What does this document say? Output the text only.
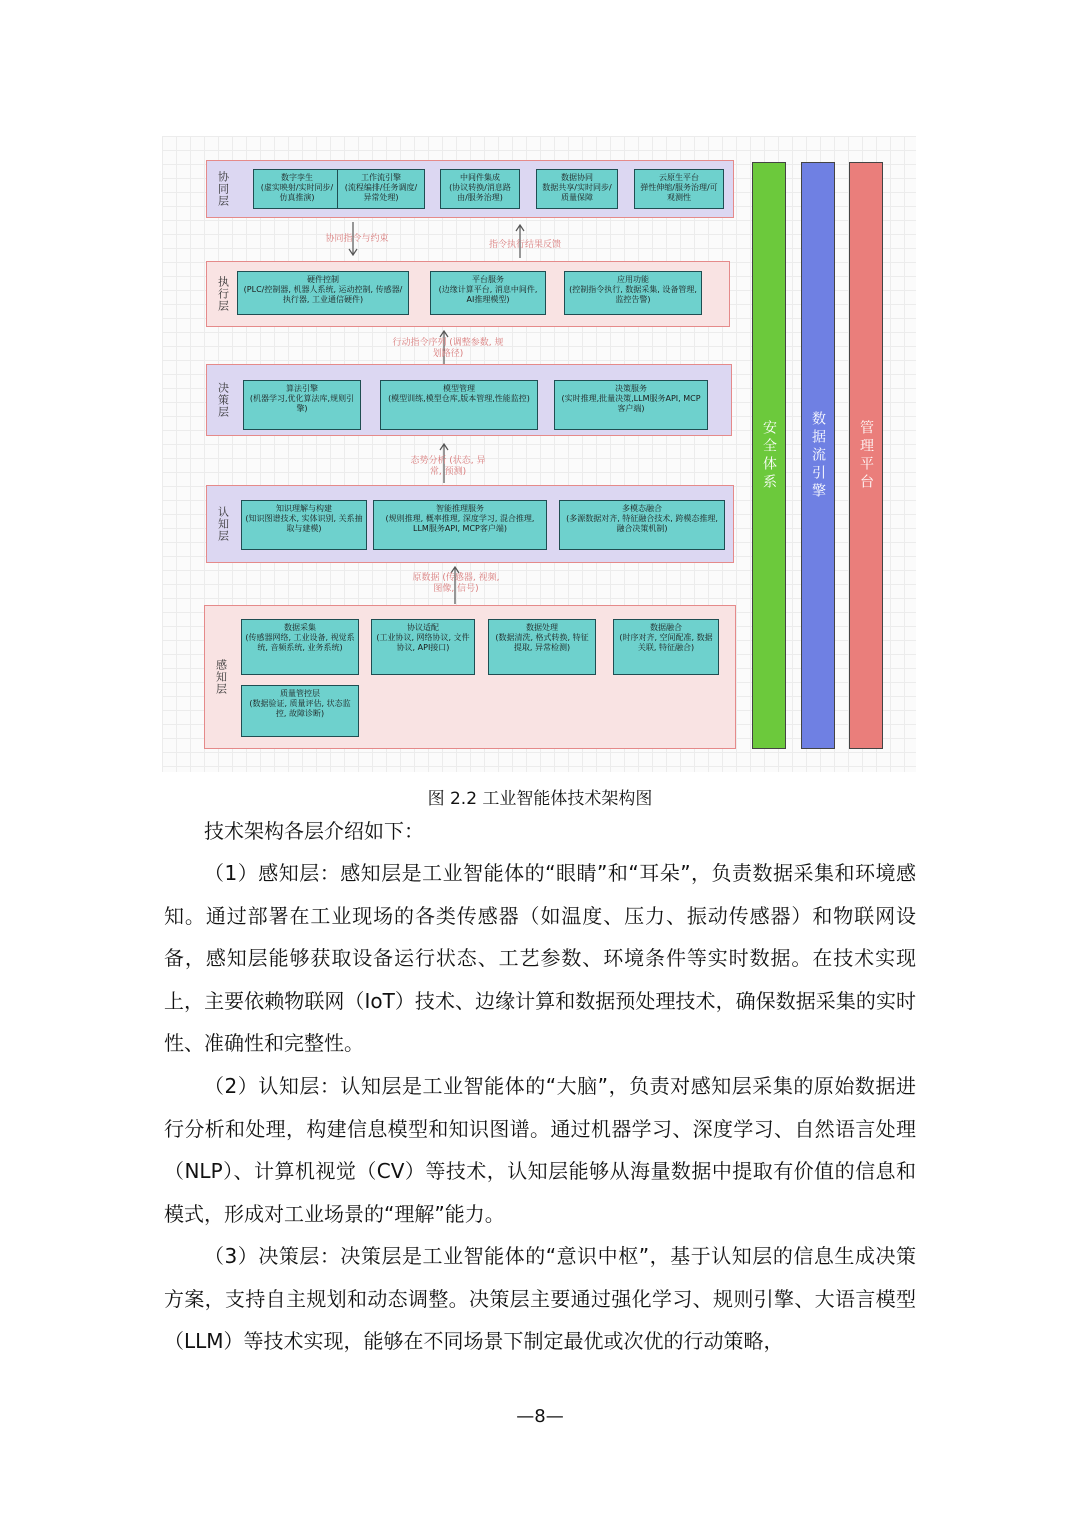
协同层	数字孪生
(虚实映射/实时同步/仿真推演)
工作流引擎
(流程编排/任务调度/异常处理)
中间件集成
(协议转换/消息路由/服务治理)
数据协同
数据共享/实时同步/质量保障
云原生平台
弹性伸缩/服务治理/可观测性
协同指令与约束
指令执行结果反馈
执行层	硬件控制
(PLC/控制器, 机器人系统, 运动控制, 传感器/执行器, 工业通信硬件)
平台服务
(边缘计算平台, 消息中间件, AI推理模型)
应用功能
(控制指令执行, 数据采集, 设备管理, 监控告警)
行动指令序列 (调整参数, 规划路径)
决策层	算法引擎
(机器学习,优化算法库,规则引擎)
模型管理
(模型训练,模型仓库,版本管理,性能监控)
决策服务
(实时推理,批量决策,LLM服务API, MCP客户端)
态势分析 (状态, 异常, 预测)
认知层	知识理解与构建
(知识图谱技术, 实体识别, 关系抽取与建模)
智能推理服务
(规则推理, 概率推理, 深度学习, 混合推理, LLM服务API, MCP客户端)
多模态融合
(多源数据对齐, 特征融合技术, 跨模态推理, 融合决策机制)
原数据 (传感器, 视频, 图像, 信号)
感知层
数据采集
(传感器网络, 工业设备, 视觉系统, 音频系统, 业务系统)
协议适配
(工业协议, 网络协议, 文件协议, API接口)
数据处理
(数据清洗, 格式转换, 特征提取, 异常检测)
数据融合
(时序对齐, 空间配准, 数据关联, 特征融合)
质量管控层
(数据验证, 质量评估, 状态监控, 故障诊断)
安全体系 数据流引擎 管理平台
图 2.2 工业智能体技术架构图

技术架构各层介绍如下：

（1）感知层：感知层是工业智能体的“眼睛”和“耳朵”，负责数据采集和环境感知。通过部署在工业现场的各类传感器（如温度、压力、振动传感器）和物联网设备，感知层能够获取设备运行状态、工艺参数、环境条件等实时数据。在技术实现上，主要依赖物联网（IoT）技术、边缘计算和数据预处理技术，确保数据采集的实时性、准确性和完整性。

（2）认知层：认知层是工业智能体的“大脑”，负责对感知层采集的原始数据进行分析和处理，构建信息模型和知识图谱。通过机器学习、深度学习、自然语言处理（NLP）、计算机视觉（CV）等技术，认知层能够从海量数据中提取有价值的信息和模式，形成对工业场景的“理解”能力。

（3）决策层：决策层是工业智能体的“意识中枢”，基于认知层的信息生成决策方案，支持自主规划和动态调整。决策层主要通过强化学习、规则引擎、大语言模型（LLM）等技术实现，能够在不同场景下制定最优或次优的行动策略，

—8—
